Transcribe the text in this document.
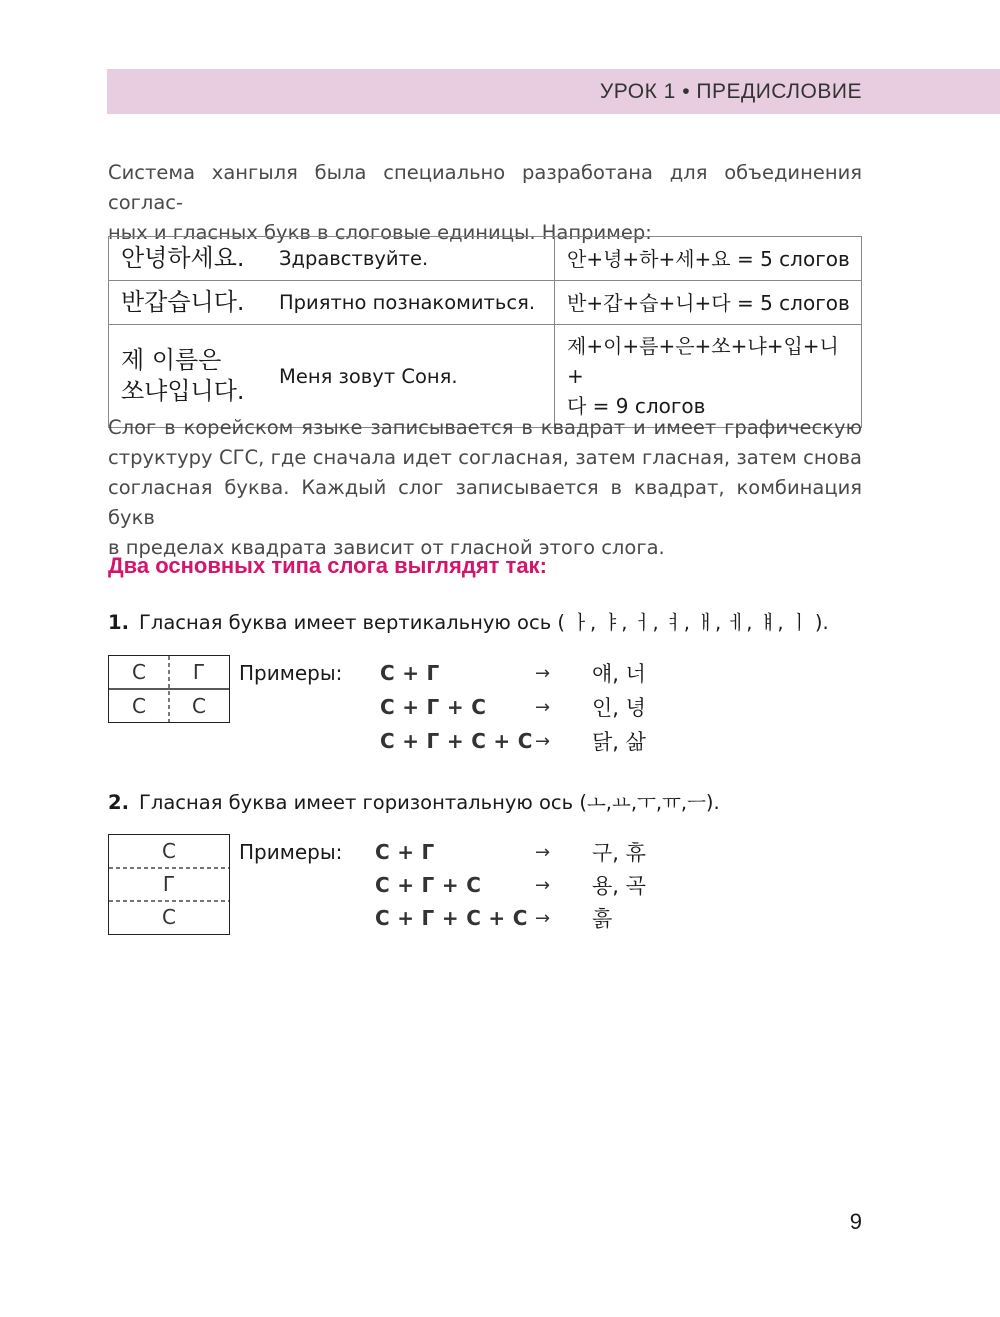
УРОК 1 • ПРЕДИСЛОВИЕ
Система хангыля была специально разработана для объединения соглас-
ных и гласных букв в слоговые единицы. Например:
안녕하세요. Здравствуйте.	안+녕+하+세+요 = 5 слогов

반갑습니다. Приятно познакомиться.	반+갑+습+니+다 = 5 слогов

제 이름은
쏘냐입니다.
Меня зовут Соня.	제+이+름+은+쏘+냐+입+니+
다 = 9 слогов
Слог в корейском языке записывается в квадрат и имеет графическую
структуру СГС, где сначала идет согласная, затем гласная, затем снова
согласная буква. Каждый слог записывается в квадрат, комбинация букв
в пределах квадрата зависит от гласной этого слога.
Два основных типа слога выглядят так:
1. Гласная буква имеет вертикальную ось ( ㅏ, ㅑ, ㅓ, ㅕ, ㅐ, ㅔ, ㅒ, ㅣ ).
С	Г
С	С
Примеры: С + Г	→ 얘, 너
С + Г + С	→ 인, 녕
С + Г + С + С → 닭, 삶
2. Гласная буква имеет горизонтальную ось (ㅗ,ㅛ,ㅜ,ㅠ,ㅡ).
С
Г
С
Примеры: С + Г	→ 구, 휴
С + Г + С	→ 용, 곡
С + Г + С + С → 흙
9
